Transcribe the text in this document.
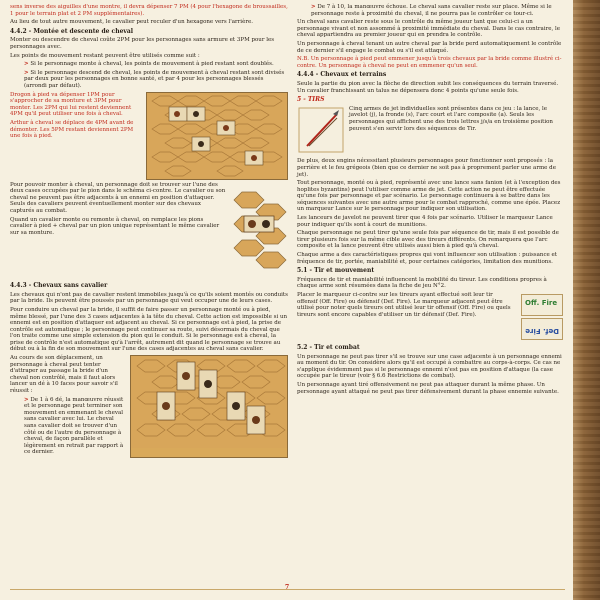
sens inverse des aiguilles d'une montre, il devra dépenser 7 PM (4 pour l'hexagone de broussailles, 1 pour le terrain plat et 2 PM supplémentaires).

Au lieu de tout autre mouvement, le cavalier peut reculer d'un hexagone vers l'arrière.

4.4.2 - Montée et descente de cheval

Monter ou descendre de cheval coûte 2PM pour les personnages sans armure et 3PM pour les personnages avec.

Les points de mouvement restant peuvent être utilisés comme suit :

> Si le personnage monte à cheval, les points de mouvement à pied restant sont doublés.

> Si le personnage descend de cheval, les points de mouvement à cheval restant sont divisés par deux pour les personnages en bonne santé, et par 4 pour les personnages blessés (arrondi par défaut).

Drogon à pied va dépenser 1PM pour s'approcher de sa monture et 3PM pour monter. Les 2PM qui lui restent deviennent 4PM qu'il peut utiliser une fois à cheval.

Arthur à cheval se déplace de 4PM avant de démonter. Les 5PM restant deviennent 2PM une fois à pied.

Pour pouvoir monter à cheval, un personnage doit se trouver sur l'une des deux cases occupées par le pion dans le schéma ci-contre. Le cavalier ou son cheval ne peuvent pas être adjacents à un ennemi en position d'attaquer. Seuls des cavaliers peuvent éventuellement monter sur des chevaux capturés au combat.

Quand un cavalier monte ou remonte à cheval, on remplace les pions cavalier à pied + cheval par un pion unique représentant le même cavalier sur sa monture.

4.4.3 - Chevaux sans cavalier

Les chevaux qui n'ont pas de cavalier restent immobiles jusqu'à ce qu'ils soient montés ou conduits par la bride. Ils peuvent être poussés par un personnage qui veut occuper une de leurs cases.

Pour conduire un cheval par la bride, il suffit de faire passer un personnage monté ou à pied, même blessé, par l'une des 3 cases adjacentes à la tête du cheval. Cette action est impossible si un ennemi est en position d'attaquer est adjacent au cheval. Si ce personnage est à pied, la prise de contrôle est automatique ; le personnage peut continuer sa route, suivi désormais du cheval que l'on traite comme une simple extension du pion qui le conduit. Si le personnage est à cheval, la prise de contrôle n'est automatique qu'à l'arrêt, autrement dit quand le personnage se trouve au début ou à la fin de son mouvement sur l'une des cases adjacentes au cheval sans cavalier.

Au cours de son déplacement, un personnage à cheval peut tenter d'attraper au passage la bride d'un cheval non contrôlé, mais il faut alors lancer un dé à 10 faces pour savoir s'il réussit :

> De 1 à 6 dé, la manœuvre réussit et le personnage peut terminer son mouvement en emmenant le cheval sans cavalier avec lui. Le cheval sans cavalier doit se trouver d'un côté ou de l'autre du personnage à cheval, de façon parallèle et légèrement en retrait par rapport à ce dernier.

> De 7 à 10, la manœuvre échoue. Le cheval sans cavalier reste sur place. Même si le personnage reste à proximité du cheval, il ne pourra pas le contrôler ce tour-ci.

Un cheval sans cavalier reste sous le contrôle du même joueur tant que celui-ci a un personnage vivant et non assommé à proximité immédiate du cheval. Dans le cas contraire, le cheval appartiendra au premier joueur qui en prendra le contrôle.

Un personnage à cheval tenant un autre cheval par la bride perd automatiquement le contrôle de ce dernier s'il engage le combat ou s'il est attaqué.

N.B. Un personnage à pied peut emmener jusqu'à trois chevaux par la bride comme illustré ci-contre. Un personnage à cheval ne peut en emmener qu'un seul.

4.4.4 - Chevaux et terrains

Seule la partie du pion avec la flèche de direction subit les conséquences du terrain traversé. Un cavalier franchissant un talus ne dépensera donc 4 points qu'une seule fois.

5 - TIRS

Cinq armes de jet individuelles sont présentes dans ce jeu : la lance, le javelot (j), la fronde (s), l'arc court et l'arc composite (a). Seuls les personnages qui affichent une des trois lettres j/s/a en troisième position peuvent s'en servir lors des séquences de Tir.

De plus, deux engins nécessitant plusieurs personnages pour fonctionner sont proposés : la perrière et le feu grégeois (bien que ce dernier ne soit pas à proprement parler une arme de jet).

Tout personnage, monté ou à pied, représenté avec une lance sans fanion (et à l'exception des hoplites byzantins) peut l'utiliser comme arme de jet. Cette action ne peut être effectuée qu'une fois par personnage et par scénario. Le personnage continuera à se battre dans les séquences suivantes avec une autre arme pour le combat rapproché, comme une épée. Placez un marqueur Lance sur le personnage pour indiquer son utilisation.

Les lanceurs de javelot ne peuvent tirer que 4 fois par scénario. Utiliser le marqueur Lance pour indiquer qu'ils sont à court de munitions.

Chaque personnage ne peut tirer qu'une seule fois par séquence de tir, mais il est possible de tirer plusieurs fois sur la même cible avec des tireurs différents. On remarquera que l'arc composite et la lance peuvent être utilisés aussi bien à pied qu'à cheval.

Chaque arme a des caractéristiques propres qui vont influencer son utilisation : puissance et fréquence de tir, portée, maniabilité et, pour certaines catégories, limitation des munitions.

5.1 - Tir et mouvement

Fréquence de tir et maniabilité influencent la mobilité du tireur. Les conditions propres à chaque arme sont résumées dans la fiche de jeu N°2.

Placer le marqueur ci-contre sur les tireurs ayant effectué soit leur tir offensif (Off. Fire) ou défensif (Def. Fire). Le marqueur adjacent peut être utilisé pour noter quels tireurs ont utilisé leur tir offensif (Off. Fire) ou quels tireurs sont encore capables d'utiliser un tir défensif (Def. Fire).

Off. Fire
Def. Fire
5.2 - Tir et combat

Un personnage ne peut pas tirer s'il se trouve sur une case adjacente à un personnage ennemi au moment du tir. On considère alors qu'il est occupé à combattre au corps-à-corps. Ce cas ne s'applique évidemment pas si le personnage ennemi n'est pas en position d'attaque (la case occupée par le tireur (voir § 6.6 Restrictions de combat).

Un personnage ayant tiré offensivement ne peut pas attaquer durant la même phase. Un personnage ayant attaqué ne peut pas tirer défensivement durant la phase ennemie suivante.

7
